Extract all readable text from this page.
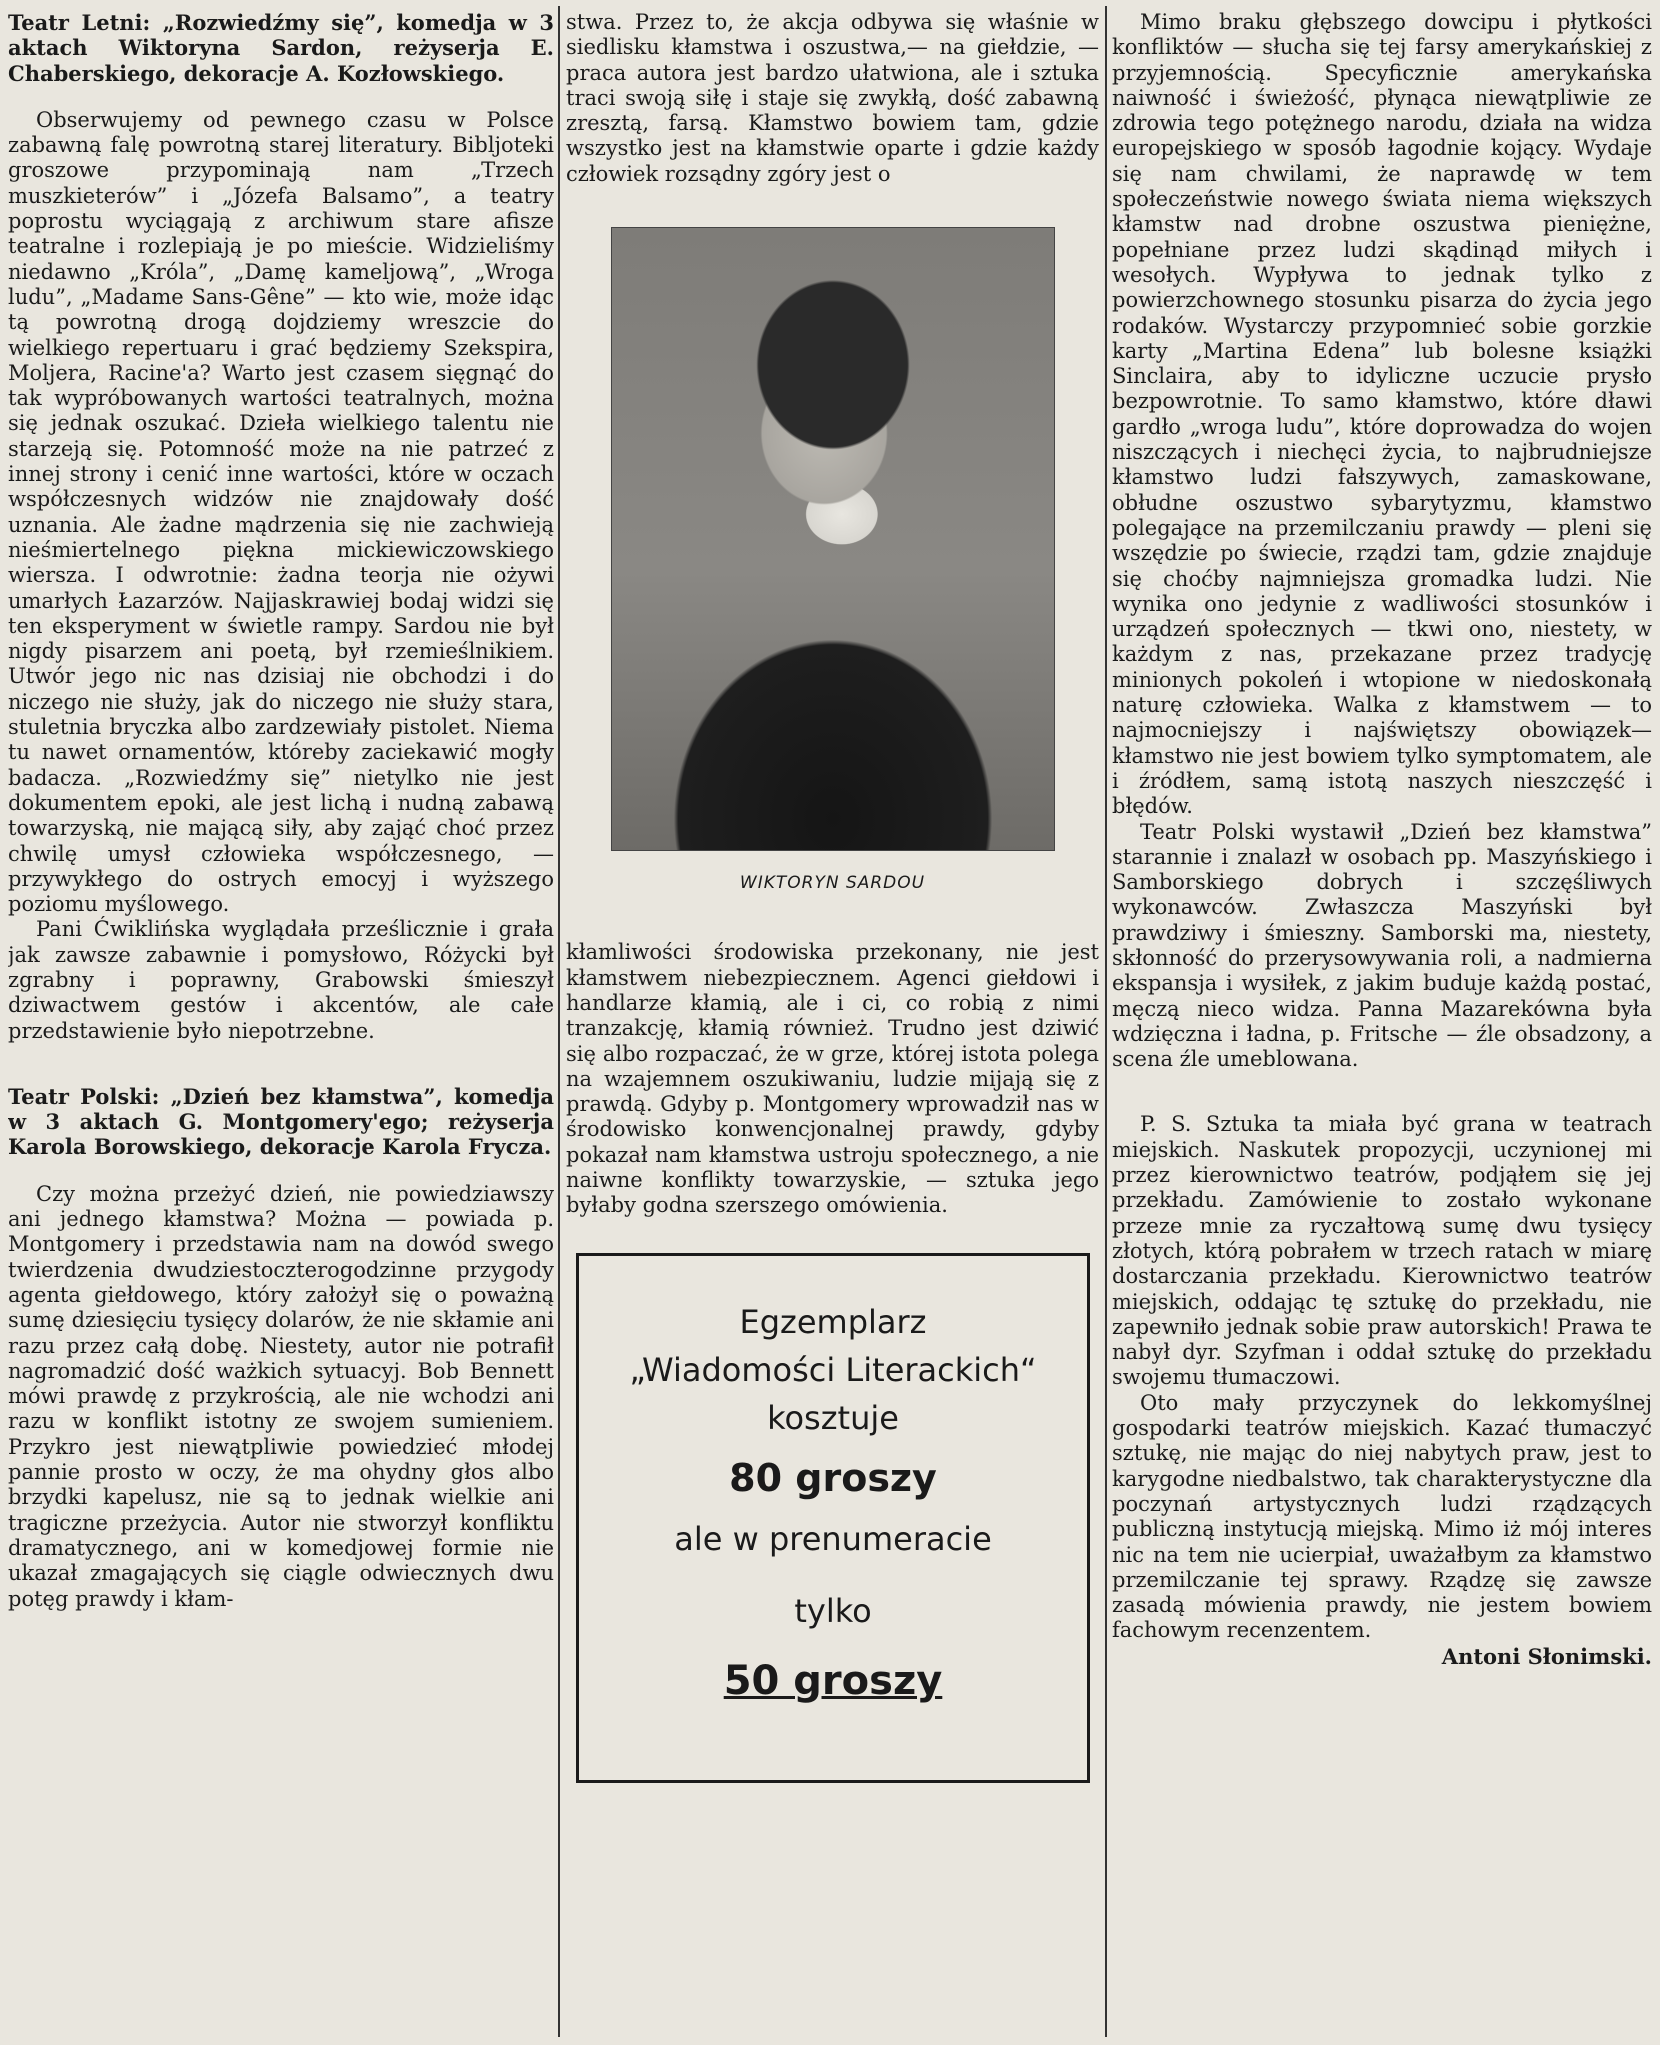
Teatr Letni: „Rozwiedźmy się”, komedja w 3 aktach Wiktoryna Sardon, reżyserja E. Chaberskiego, dekoracje A. Kozłowskiego.

Obserwujemy od pewnego czasu w Polsce zabawną falę powrotną starej literatury. Bibljoteki groszowe przypominają nam „Trzech muszkieterów” i „Józefa Balsamo”, a teatry poprostu wyciągają z archiwum stare afisze teatralne i rozlepiają je po mieście. Widzieliśmy niedawno „Króla”, „Damę kameljową”, „Wroga ludu”, „Madame Sans-Gêne” — kto wie, może idąc tą powrotną drogą dojdziemy wreszcie do wielkiego repertuaru i grać będziemy Szekspira, Moljera, Racine'a? Warto jest czasem sięgnąć do tak wypróbowanych wartości teatralnych, można się jednak oszukać. Dzieła wielkiego talentu nie starzeją się. Potomność może na nie patrzeć z innej strony i cenić inne wartości, które w oczach współczesnych widzów nie znajdowały dość uznania. Ale żadne mądrzenia się nie zachwieją nieśmiertelnego piękna mickiewiczowskiego wiersza. I odwrotnie: żadna teorja nie ożywi umarłych Łazarzów. Najjaskrawiej bodaj widzi się ten eksperyment w świetle rampy. Sardou nie był nigdy pisarzem ani poetą, był rzemieślnikiem. Utwór jego nic nas dzisiaj nie obchodzi i do niczego nie służy, jak do niczego nie służy stara, stuletnia bryczka albo zardzewiały pistolet. Niema tu nawet ornamentów, któreby zaciekawić mogły badacza. „Rozwiedźmy się” nietylko nie jest dokumentem epoki, ale jest lichą i nudną zabawą towarzyską, nie mającą siły, aby zająć choć przez chwilę umysł człowieka współczesnego, — przywykłego do ostrych emocyj i wyższego poziomu myślowego.

Pani Ćwiklińska wyglądała prześlicznie i grała jak zawsze zabawnie i pomysłowo, Różycki był zgrabny i poprawny, Grabowski śmieszył dziwactwem gestów i akcentów, ale całe przedstawienie było niepotrzebne.

Teatr Polski: „Dzień bez kłamstwa”, komedja w 3 aktach G. Montgomery'ego; reżyserja Karola Borowskiego, dekoracje Karola Frycza.

Czy można przeżyć dzień, nie powiedziawszy ani jednego kłamstwa? Można — powiada p. Montgomery i przedstawia nam na dowód swego twierdzenia dwudziestoczterogodzinne przygody agenta giełdowego, który założył się o poważną sumę dziesięciu tysięcy dolarów, że nie skłamie ani razu przez całą dobę. Niestety, autor nie potrafił nagromadzić dość ważkich sytuacyj. Bob Bennett mówi prawdę z przykrością, ale nie wchodzi ani razu w konflikt istotny ze swojem sumieniem. Przykro jest niewątpliwie powiedzieć młodej pannie prosto w oczy, że ma ohydny głos albo brzydki kapelusz, nie są to jednak wielkie ani tragiczne przeżycia. Autor nie stworzył konfliktu dramatycznego, ani w komedjowej formie nie ukazał zmagających się ciągle odwiecznych dwu potęg prawdy i kłam-

stwa. Przez to, że akcja odbywa się właśnie w siedlisku kłamstwa i oszustwa,— na giełdzie, — praca autora jest bardzo ułatwiona, ale i sztuka traci swoją siłę i staje się zwykłą, dość zabawną zresztą, farsą. Kłamstwo bowiem tam, gdzie wszystko jest na kłamstwie oparte i gdzie każdy człowiek rozsądny zgóry jest o

WIKTORYN SARDOU

kłamliwości środowiska przekonany, nie jest kłamstwem niebezpiecznem. Agenci giełdowi i handlarze kłamią, ale i ci, co robią z nimi tranzakcję, kłamią również. Trudno jest dziwić się albo rozpaczać, że w grze, której istota polega na wzajemnem oszukiwaniu, ludzie mijają się z prawdą. Gdyby p. Montgomery wprowadził nas w środowisko konwencjonalnej prawdy, gdyby pokazał nam kłamstwa ustroju społecznego, a nie naiwne konflikty towarzyskie, — sztuka jego byłaby godna szerszego omówienia.

Egzemplarz
„Wiadomości Literackich“
kosztuje
80 groszy
ale w prenumeracie
tylko
50 groszy

Mimo braku głębszego dowcipu i płytkości konfliktów — słucha się tej farsy amerykańskiej z przyjemnością. Specyficznie amerykańska naiwność i świeżość, płynąca niewątpliwie ze zdrowia tego potężnego narodu, działa na widza europejskiego w sposób łagodnie kojący. Wydaje się nam chwilami, że naprawdę w tem społeczeństwie nowego świata niema większych kłamstw nad drobne oszustwa pieniężne, popełniane przez ludzi skądinąd miłych i wesołych. Wypływa to jednak tylko z powierzchownego stosunku pisarza do życia jego rodaków. Wystarczy przypomnieć sobie gorzkie karty „Martina Edena” lub bolesne książki Sinclaira, aby to idyliczne uczucie prysło bezpowrotnie. To samo kłamstwo, które dławi gardło „wroga ludu”, które doprowadza do wojen niszczących i niechęci życia, to najbrudniejsze kłamstwo ludzi fałszywych, zamaskowane, obłudne oszustwo sybarytyzmu, kłamstwo polegające na przemilczaniu prawdy — pleni się wszędzie po świecie, rządzi tam, gdzie znajduje się choćby najmniejsza gromadka ludzi. Nie wynika ono jedynie z wadliwości stosunków i urządzeń społecznych — tkwi ono, niestety, w każdym z nas, przekazane przez tradycję minionych pokoleń i wtopione w niedoskonałą naturę człowieka. Walka z kłamstwem — to najmocniejszy i najświętszy obowiązek— kłamstwo nie jest bowiem tylko symptomatem, ale i źródłem, samą istotą naszych nieszczęść i błędów.

Teatr Polski wystawił „Dzień bez kłamstwa” starannie i znalazł w osobach pp. Maszyńskiego i Samborskiego dobrych i szczęśliwych wykonawców. Zwłaszcza Maszyński był prawdziwy i śmieszny. Samborski ma, niestety, skłonność do przerysowywania roli, a nadmierna ekspansja i wysiłek, z jakim buduje każdą postać, męczą nieco widza. Panna Mazarekówna była wdzięczna i ładna, p. Fritsche — źle obsadzony, a scena źle umeblowana.

P. S. Sztuka ta miała być grana w teatrach miejskich. Naskutek propozycji, uczynionej mi przez kierownictwo teatrów, podjąłem się jej przekładu. Zamówienie to zostało wykonane przeze mnie za ryczałtową sumę dwu tysięcy złotych, którą pobrałem w trzech ratach w miarę dostarczania przekładu. Kierownictwo teatrów miejskich, oddając tę sztukę do przekładu, nie zapewniło jednak sobie praw autorskich! Prawa te nabył dyr. Szyfman i oddał sztukę do przekładu swojemu tłumaczowi.

Oto mały przyczynek do lekkomyślnej gospodarki teatrów miejskich. Kazać tłumaczyć sztukę, nie mając do niej nabytych praw, jest to karygodne niedbalstwo, tak charakterystyczne dla poczynań artystycznych ludzi rządzących publiczną instytucją miejską. Mimo iż mój interes nic na tem nie ucierpiał, uważałbym za kłamstwo przemilczanie tej sprawy. Rządzę się zawsze zasadą mówienia prawdy, nie jestem bowiem fachowym recenzentem.

Antoni Słonimski.
